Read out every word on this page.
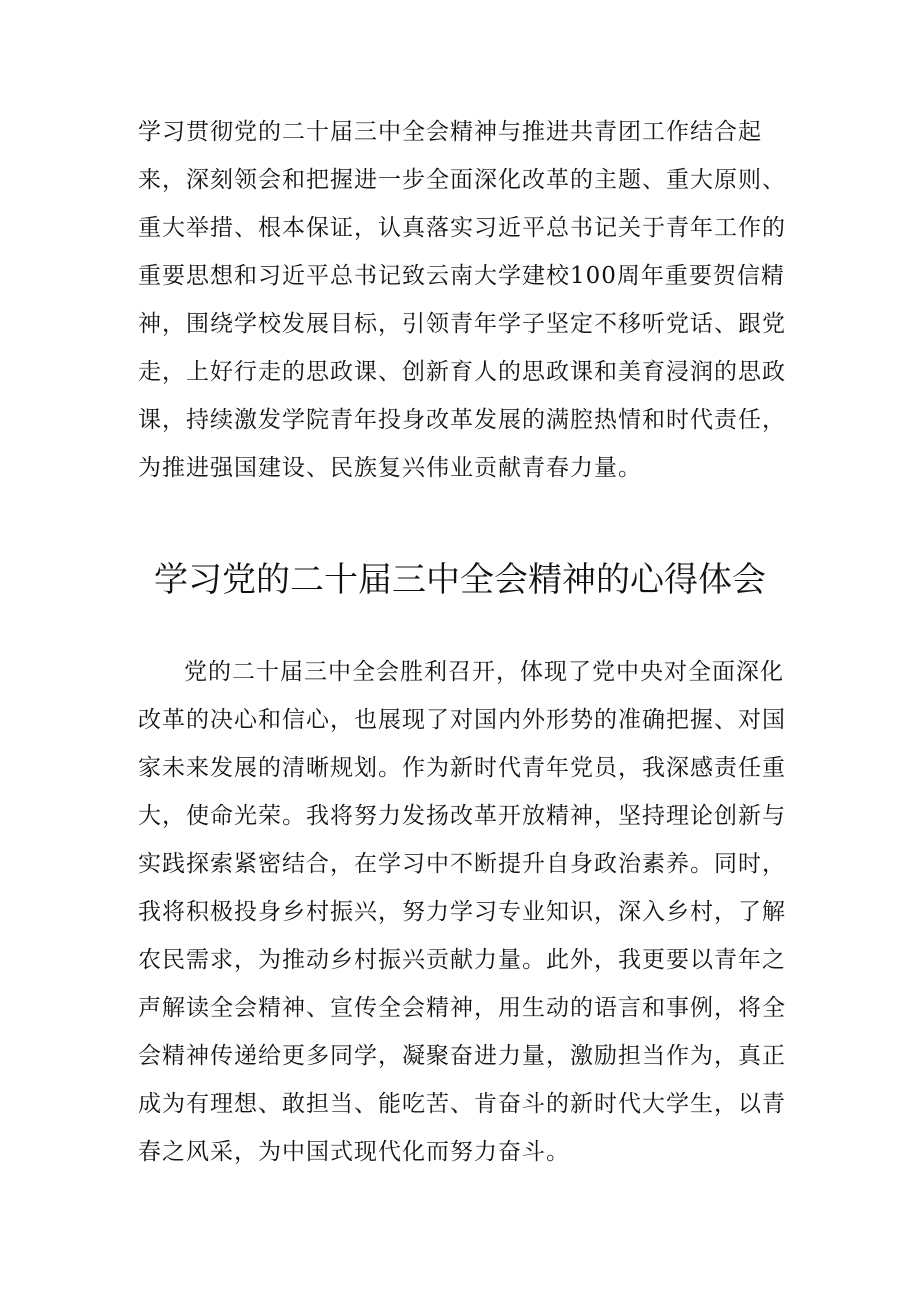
学习贯彻党的二十届三中全会精神与推进共青团工作结合起来，深刻领会和把握进一步全面深化改革的主题、重大原则、重大举措、根本保证，认真落实习近平总书记关于青年工作的重要思想和习近平总书记致云南大学建校100周年重要贺信精神，围绕学校发展目标，引领青年学子坚定不移听党话、跟党走，上好行走的思政课、创新育人的思政课和美育浸润的思政课，持续激发学院青年投身改革发展的满腔热情和时代责任，为推进强国建设、民族复兴伟业贡献青春力量。

学习党的二十届三中全会精神的心得体会

党的二十届三中全会胜利召开，体现了党中央对全面深化改革的决心和信心，也展现了对国内外形势的准确把握、对国家未来发展的清晰规划。作为新时代青年党员，我深感责任重大，使命光荣。我将努力发扬改革开放精神，坚持理论创新与实践探索紧密结合，在学习中不断提升自身政治素养。同时，我将积极投身乡村振兴，努力学习专业知识，深入乡村，了解农民需求，为推动乡村振兴贡献力量。此外，我更要以青年之声解读全会精神、宣传全会精神，用生动的语言和事例，将全会精神传递给更多同学，凝聚奋进力量，激励担当作为，真正成为有理想、敢担当、能吃苦、肯奋斗的新时代大学生，以青春之风采，为中国式现代化而努力奋斗。
